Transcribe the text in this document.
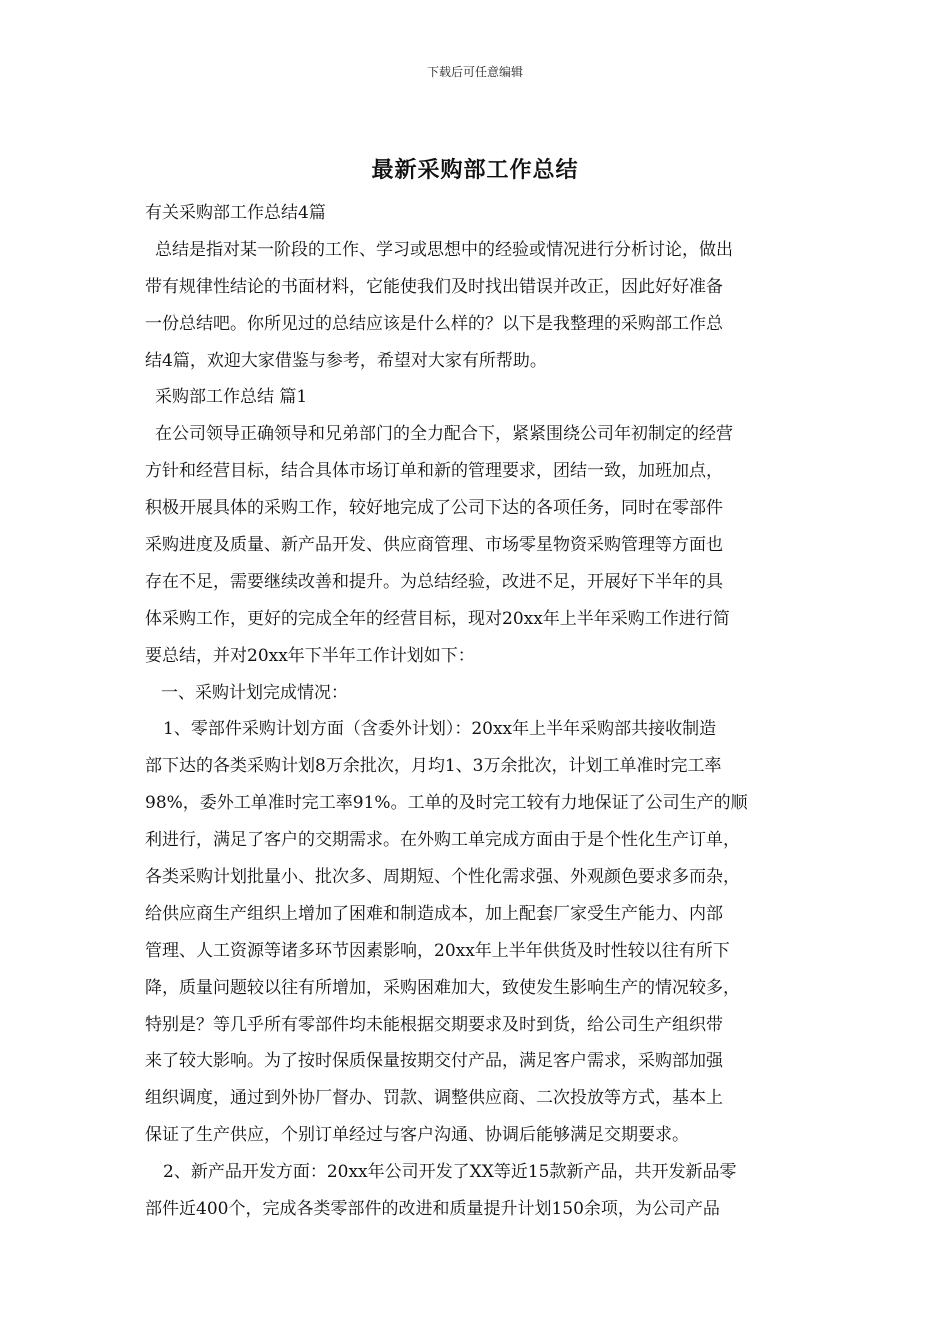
下载后可任意编辑
最新采购部工作总结
有关采购部工作总结4篇
总结是指对某一阶段的工作、学习或思想中的经验或情况进行分析讨论，做出
带有规律性结论的书面材料，它能使我们及时找出错误并改正，因此好好准备
一份总结吧。你所见过的总结应该是什么样的？以下是我整理的采购部工作总
结4篇，欢迎大家借鉴与参考，希望对大家有所帮助。
采购部工作总结 篇1
在公司领导正确领导和兄弟部门的全力配合下，紧紧围绕公司年初制定的经营
方针和经营目标，结合具体市场订单和新的管理要求，团结一致，加班加点，
积极开展具体的采购工作，较好地完成了公司下达的各项任务，同时在零部件
采购进度及质量、新产品开发、供应商管理、市场零星物资采购管理等方面也
存在不足，需要继续改善和提升。为总结经验，改进不足，开展好下半年的具
体采购工作，更好的完成全年的经营目标，现对20xx年上半年采购工作进行简
要总结，并对20xx年下半年工作计划如下：
一、采购计划完成情况：
1、零部件采购计划方面（含委外计划）：20xx年上半年采购部共接收制造
部下达的各类采购计划8万余批次，月均1、3万余批次，计划工单准时完工率
98%，委外工单准时完工率91%。工单的及时完工较有力地保证了公司生产的顺
利进行，满足了客户的交期需求。在外购工单完成方面由于是个性化生产订单，
各类采购计划批量小、批次多、周期短、个性化需求强、外观颜色要求多而杂，
给供应商生产组织上增加了困难和制造成本，加上配套厂家受生产能力、内部
管理、人工资源等诸多环节因素影响，20xx年上半年供货及时性较以往有所下
降，质量问题较以往有所增加，采购困难加大，致使发生影响生产的情况较多，
特别是？等几乎所有零部件均未能根据交期要求及时到货，给公司生产组织带
来了较大影响。为了按时保质保量按期交付产品，满足客户需求，采购部加强
组织调度，通过到外协厂督办、罚款、调整供应商、二次投放等方式，基本上
保证了生产供应，个别订单经过与客户沟通、协调后能够满足交期要求。
2、新产品开发方面：20xx年公司开发了XX等近15款新产品，共开发新品零
部件近400个，完成各类零部件的改进和质量提升计划150余项，为公司产品
